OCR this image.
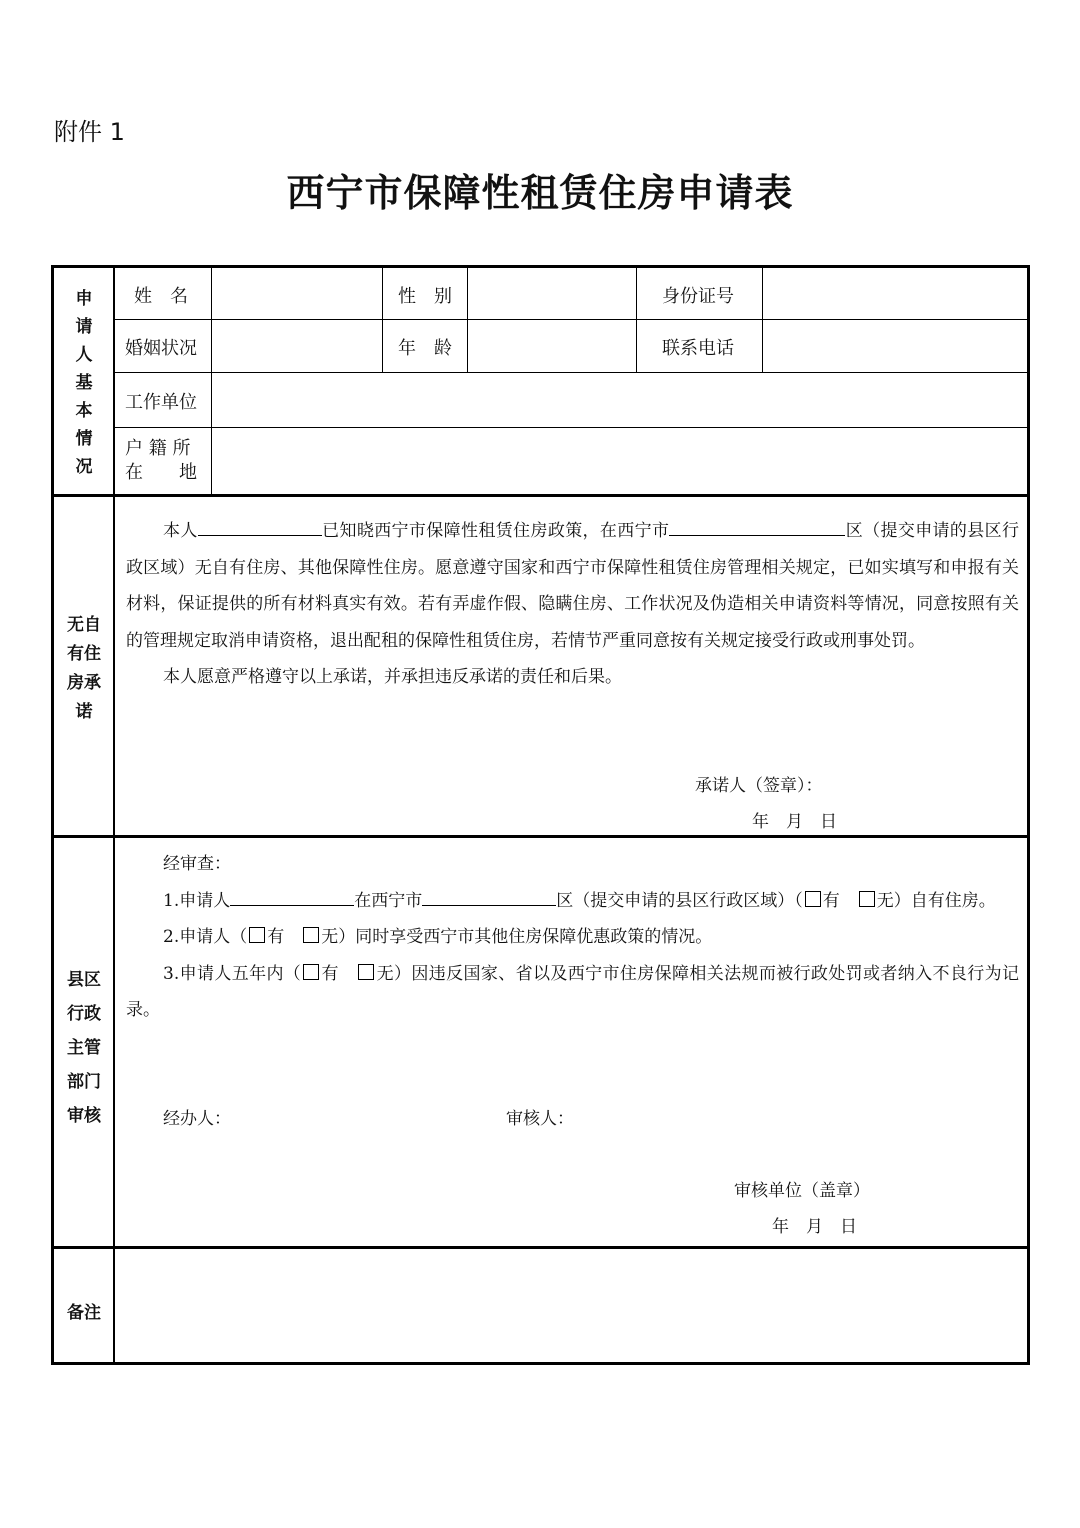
附件 1
西宁市保障性租赁住房申请表
申
请
人
基
本
情
况
姓　名	性　别	身份证号
婚姻状况	年　龄	联系电话
工作单位
户 籍 所
在　　地
无自
有住
房承
诺

本人	已知晓西宁市保障性租赁住房政策，在西宁市	区（提交申请的县区行政区域）无自有住房、其他保障性住房。愿意遵守国家和西宁市保障性租赁住房管理相关规定，已如实填写和申报有关材料，保证提供的所有材料真实有效。若有弄虚作假、隐瞒住房、工作状况及伪造相关申请资料等情况，同意按照有关的管理规定取消申请资格，退出配租的保障性租赁住房，若情节严重同意按有关规定接受行政或刑事处罚。

本人愿意严格遵守以上承诺，并承担违反承诺的责任和后果。

承诺人（签章）：
年　月　日
县区
行政
主管
部门
审核

经审查：

1.申请人	在西宁市	区（提交申请的县区行政区域）（ 有　无）自有住房。

2.申请人（ 有　无）同时享受西宁市其他住房保障优惠政策的情况。

3.申请人五年内（ 有　无）因违反国家、省以及西宁市住房保障相关法规而被行政处罚或者纳入不良行为记录。

经办人：	审核人：
审核单位（盖章）
年　月　日
备注
